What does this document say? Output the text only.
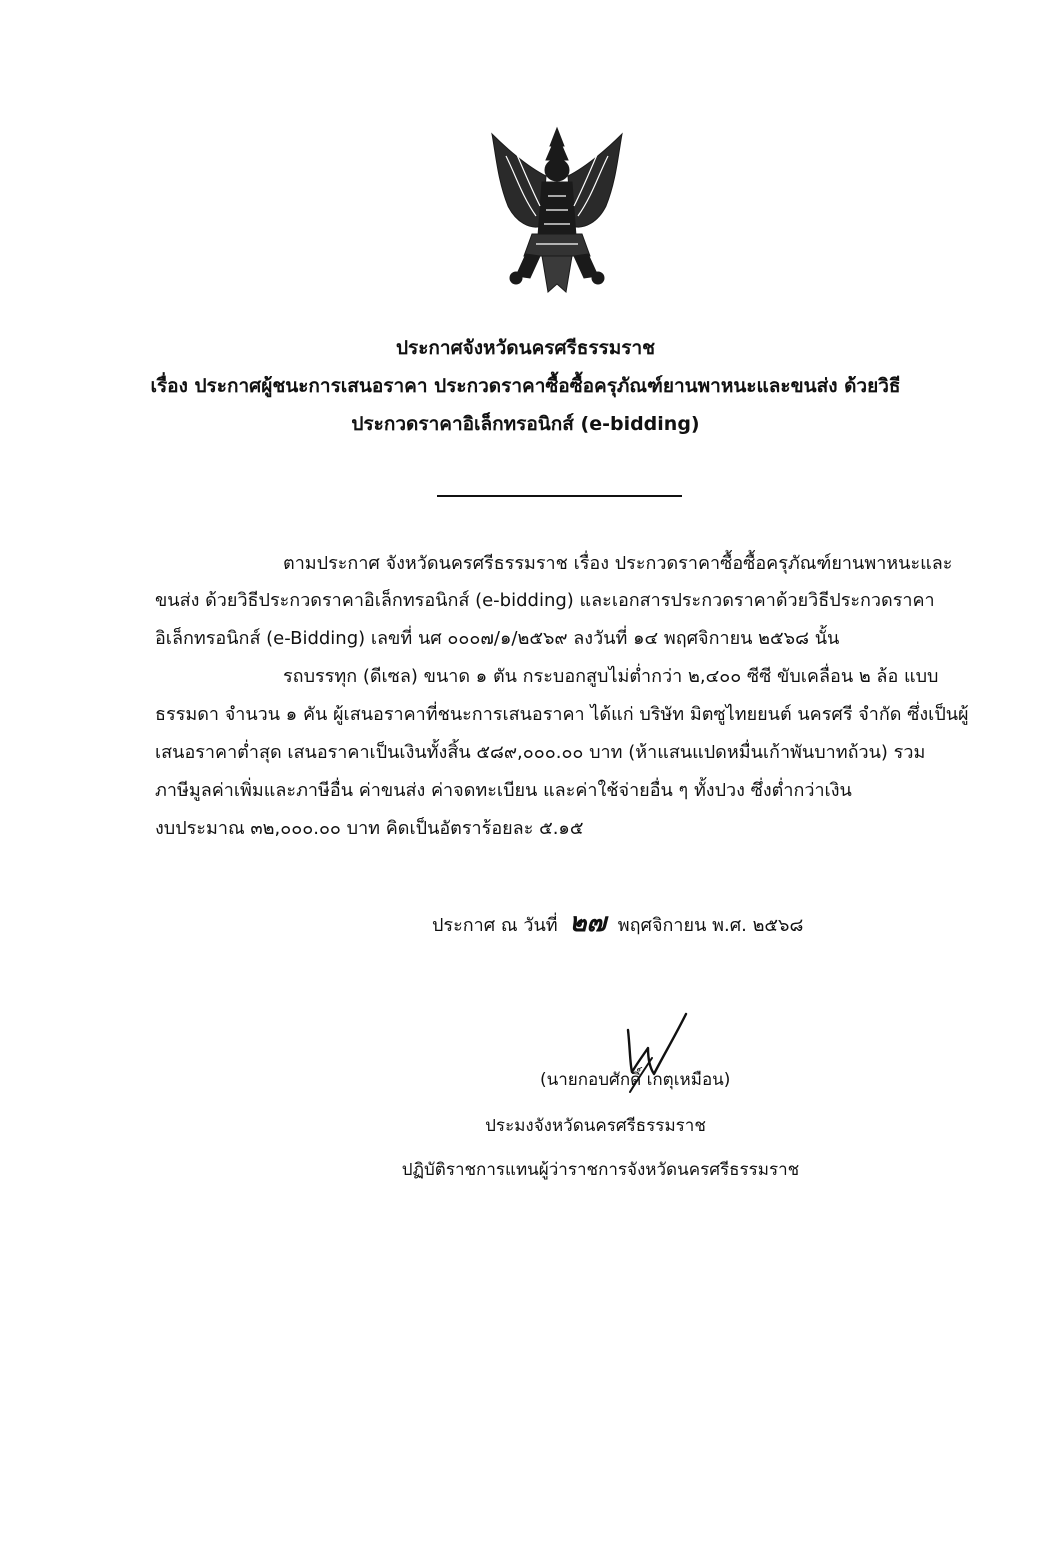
ประกาศจังหวัดนครศรีธรรมราช
เรื่อง ประกาศผู้ชนะการเสนอราคา ประกวดราคาซื้อซื้อครุภัณฑ์ยานพาหนะและขนส่ง ด้วยวิธี
ประกวดราคาอิเล็กทรอนิกส์ (e-bidding)
ตามประกาศ จังหวัดนครศรีธรรมราช เรื่อง ประกวดราคาซื้อซื้อครุภัณฑ์ยานพาหนะและ
ขนส่ง ด้วยวิธีประกวดราคาอิเล็กทรอนิกส์ (e-bidding) และเอกสารประกวดราคาด้วยวิธีประกวดราคา
อิเล็กทรอนิกส์ (e-Bidding) เลขที่ นศ ๐๐๐๗/๑/๒๕๖๙ ลงวันที่ ๑๔ พฤศจิกายน ๒๕๖๘ นั้น
รถบรรทุก (ดีเซล) ขนาด ๑ ตัน กระบอกสูบไม่ต่ำกว่า ๒,๔๐๐ ซีซี ขับเคลื่อน ๒ ล้อ แบบ
ธรรมดา จำนวน ๑ คัน ผู้เสนอราคาที่ชนะการเสนอราคา ได้แก่ บริษัท มิตซูไทยยนต์ นครศรี จำกัด ซึ่งเป็นผู้
เสนอราคาต่ำสุด เสนอราคาเป็นเงินทั้งสิ้น ๕๘๙,๐๐๐.๐๐ บาท (ห้าแสนแปดหมื่นเก้าพันบาทถ้วน) รวม
ภาษีมูลค่าเพิ่มและภาษีอื่น ค่าขนส่ง ค่าจดทะเบียน และค่าใช้จ่ายอื่น ๆ ทั้งปวง ซึ่งต่ำกว่าเงิน
งบประมาณ ๓๒,๐๐๐.๐๐ บาท คิดเป็นอัตราร้อยละ ๕.๑๕
ประกาศ ณ วันที่ ๒๗ พฤศจิกายน พ.ศ. ๒๕๖๘
(นายกอบศักดิ์ เกตุเหมือน)
ประมงจังหวัดนครศรีธรรมราช
ปฏิบัติราชการแทนผู้ว่าราชการจังหวัดนครศรีธรรมราช
